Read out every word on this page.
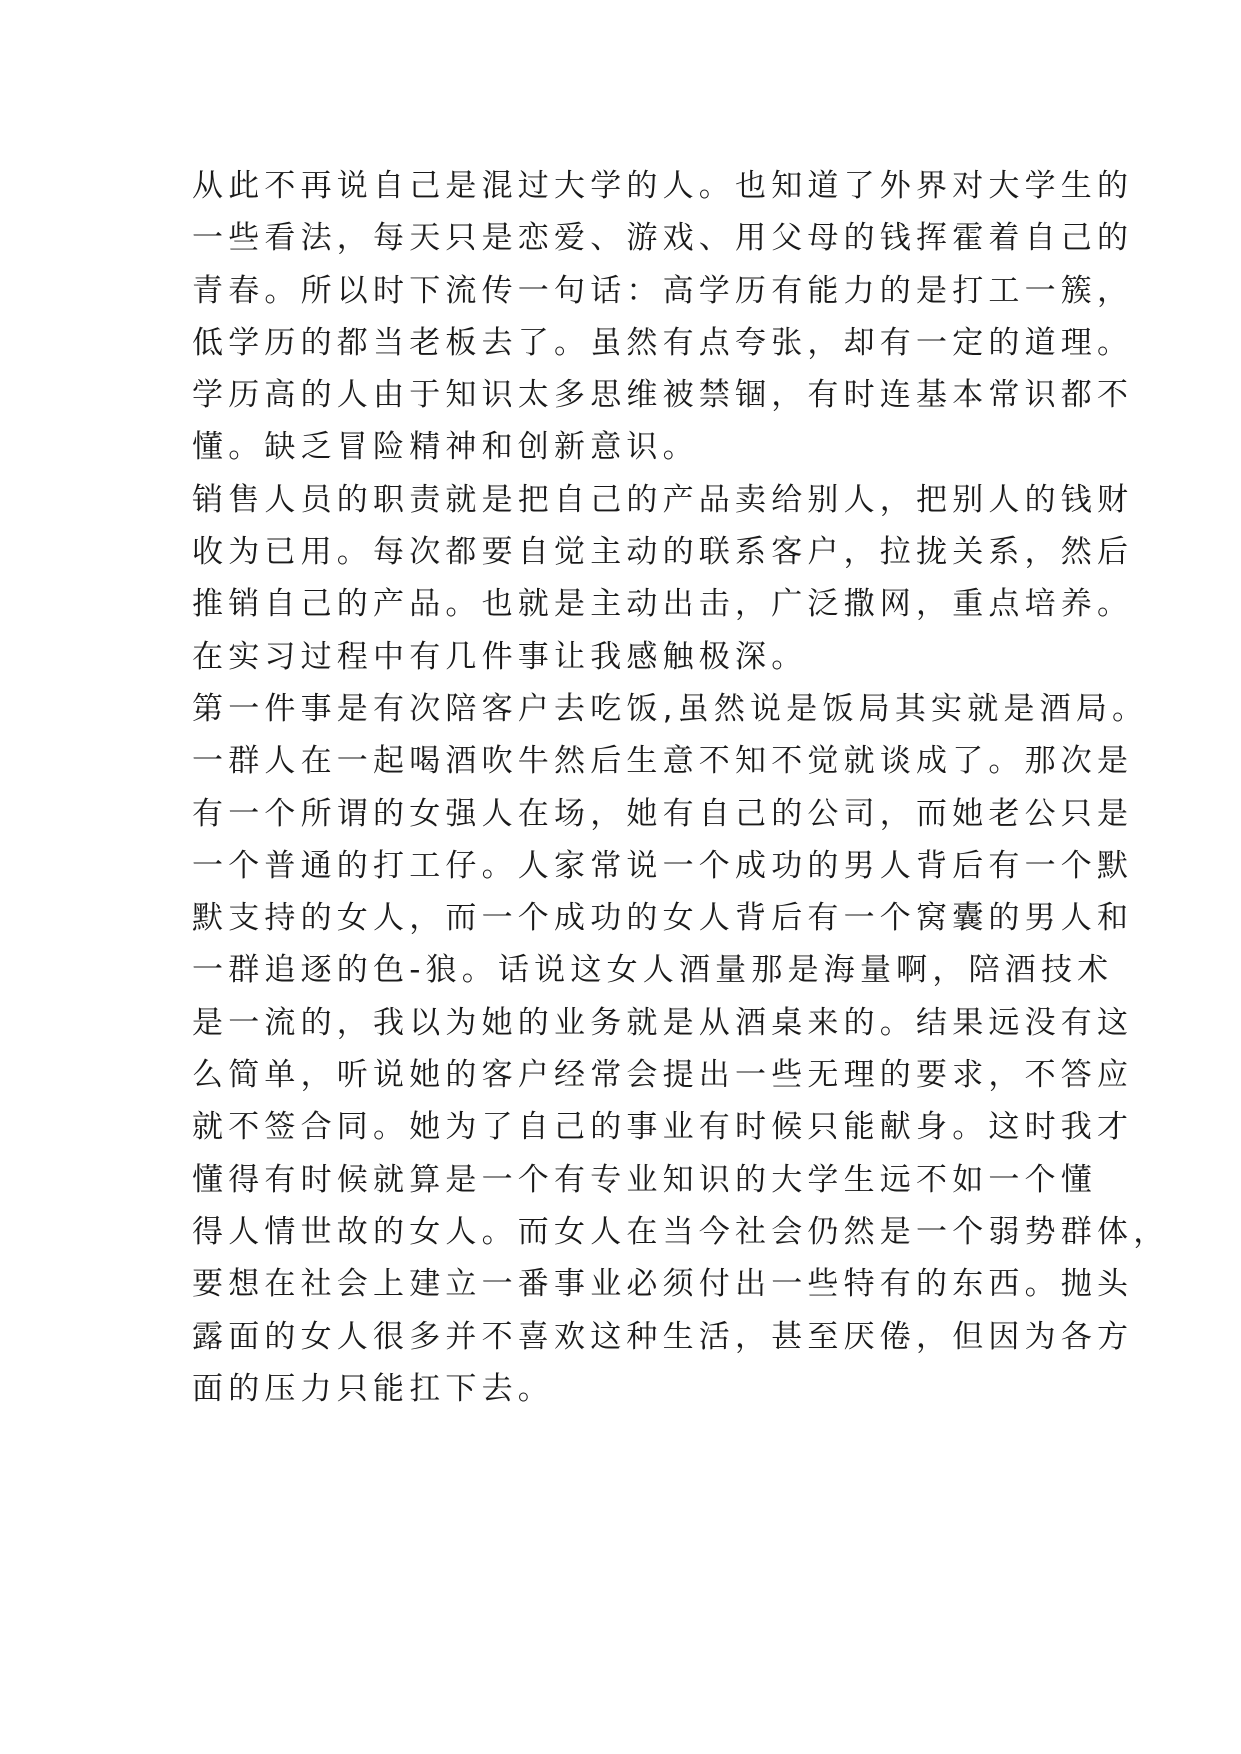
从此不再说自己是混过大学的人。也知道了外界对大学生的
一些看法，每天只是恋爱、游戏、用父母的钱挥霍着自己的
青春。所以时下流传一句话：高学历有能力的是打工一簇，
低学历的都当老板去了。虽然有点夸张，却有一定的道理。
学历高的人由于知识太多思维被禁锢，有时连基本常识都不
懂。缺乏冒险精神和创新意识。
销售人员的职责就是把自己的产品卖给别人，把别人的钱财
收为已用。每次都要自觉主动的联系客户，拉拢关系，然后
推销自己的产品。也就是主动出击，广泛撒网，重点培养。
在实习过程中有几件事让我感触极深。
第一件事是有次陪客户去吃饭,虽然说是饭局其实就是酒局。
一群人在一起喝酒吹牛然后生意不知不觉就谈成了。那次是
有一个所谓的女强人在场，她有自己的公司，而她老公只是
一个普通的打工仔。人家常说一个成功的男人背后有一个默
默支持的女人，而一个成功的女人背后有一个窝囊的男人和
一群追逐的色-狼。话说这女人酒量那是海量啊，陪酒技术
是一流的，我以为她的业务就是从酒桌来的。结果远没有这
么简单，听说她的客户经常会提出一些无理的要求，不答应
就不签合同。她为了自己的事业有时候只能献身。这时我才
懂得有时候就算是一个有专业知识的大学生远不如一个懂
得人情世故的女人。而女人在当今社会仍然是一个弱势群体，
要想在社会上建立一番事业必须付出一些特有的东西。抛头
露面的女人很多并不喜欢这种生活，甚至厌倦，但因为各方
面的压力只能扛下去。
